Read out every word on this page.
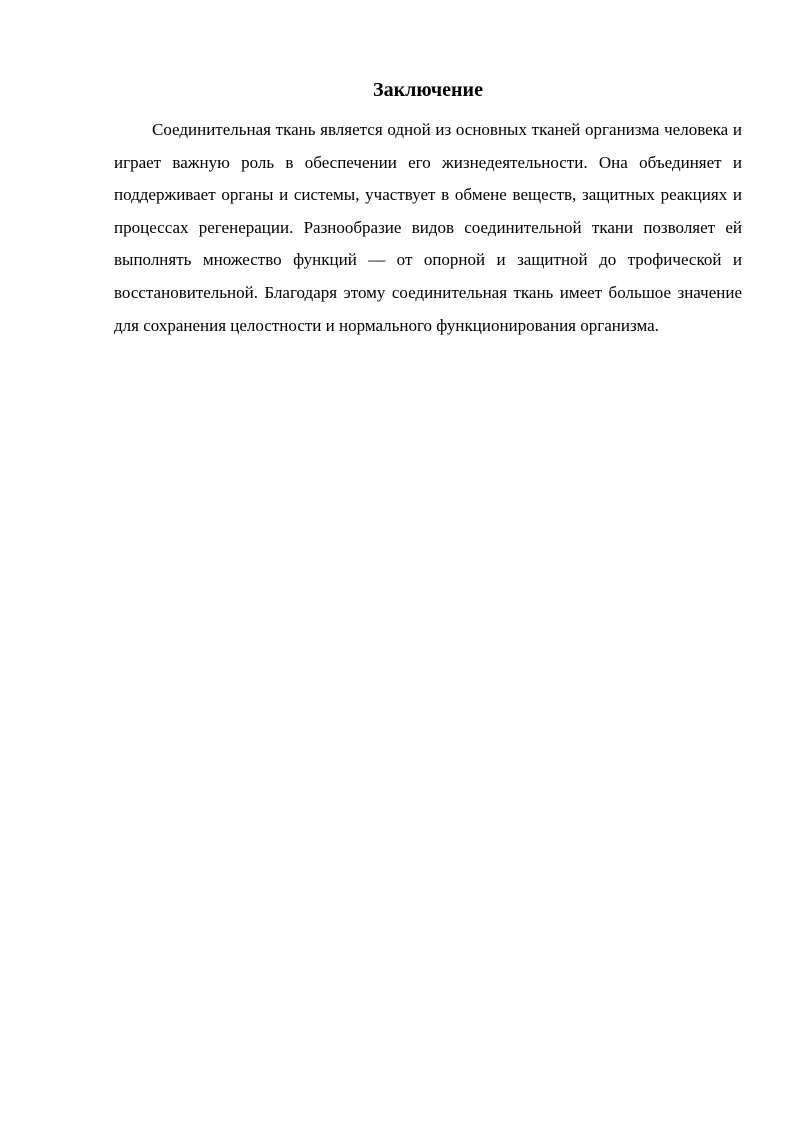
Заключение

Соединительная ткань является одной из основных тканей организма человека и играет важную роль в обеспечении его жизнедеятельности. Она объединяет и поддерживает органы и системы, участвует в обмене веществ, защитных реакциях и процессах регенерации. Разнообразие видов соединительной ткани позволяет ей выполнять множество функций — от опорной и защитной до трофической и восстановительной. Благодаря этому соединительная ткань имеет большое значение для сохранения целостности и нормального функционирования организма.
